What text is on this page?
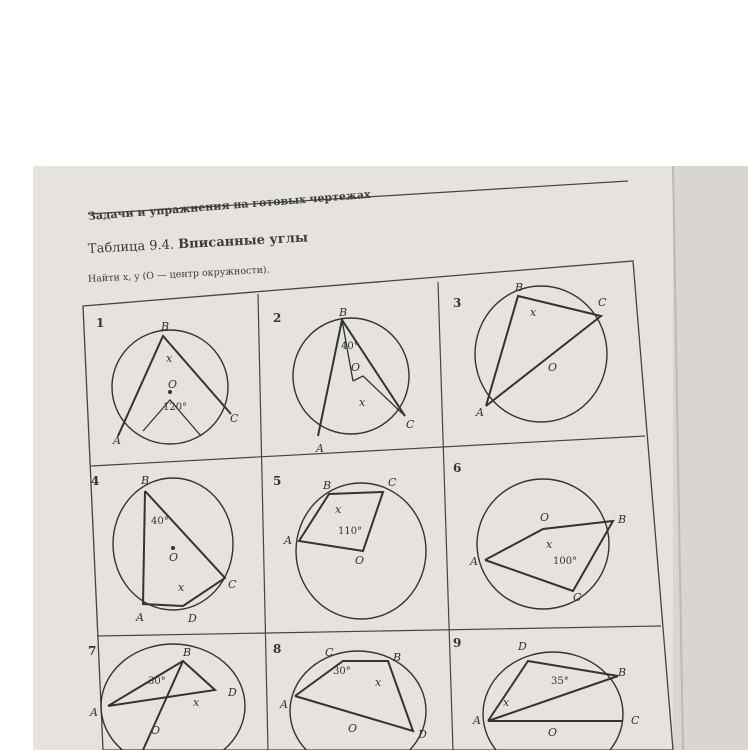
Задачи и упражнения на готовых чертежах
Таблица 9.4. Вписанные углы
Найти x, y (O — центр окружности).
1	B
x
O
120°
A
C
2	B
40°
O
x
A
C
3
B
x
C
O
A
4	B
40°
O
x	C
A	D
5	B	C
x
110°
A
O
6
O
x
B
A	100°
C
7	B
30°
D
x
A
O
8	C
30°
B
x
A
O	D
9	D
35°
B
x
A	C
O
